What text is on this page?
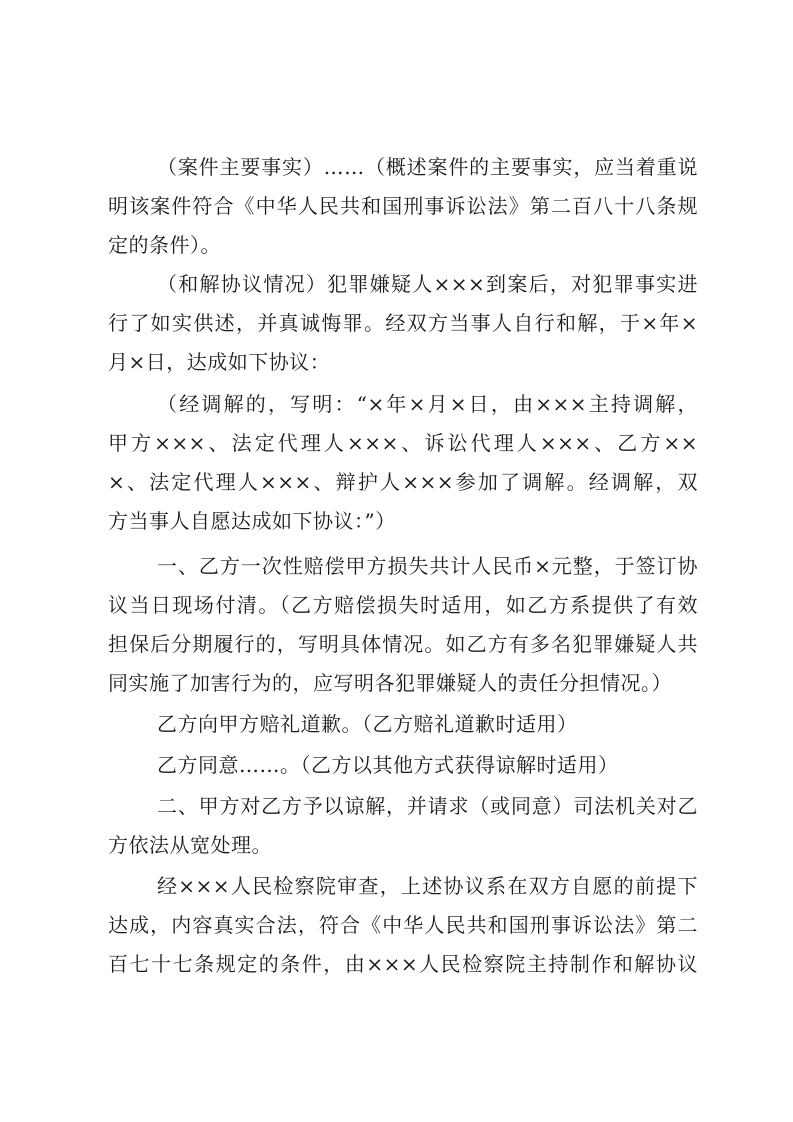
（案件主要事实）……（概述案件的主要事实，应当着重说
明该案件符合《中华人民共和国刑事诉讼法》第二百八十八条规
定的条件）。
（和解协议情况）犯罪嫌疑人×××到案后，对犯罪事实进
行了如实供述，并真诚悔罪。经双方当事人自行和解，于×年×
月×日，达成如下协议：
（经调解的，写明：“×年×月×日，由×××主持调解，
甲方×××、法定代理人×××、诉讼代理人×××、乙方××
×、法定代理人×××、辩护人×××参加了调解。经调解，双
方当事人自愿达成如下协议：”）
一、乙方一次性赔偿甲方损失共计人民币×元整，于签订协
议当日现场付清。（乙方赔偿损失时适用，如乙方系提供了有效
担保后分期履行的，写明具体情况。如乙方有多名犯罪嫌疑人共
同实施了加害行为的，应写明各犯罪嫌疑人的责任分担情况。）
乙方向甲方赔礼道歉。（乙方赔礼道歉时适用）
乙方同意……。（乙方以其他方式获得谅解时适用）
二、甲方对乙方予以谅解，并请求（或同意）司法机关对乙
方依法从宽处理。
经×××人民检察院审查，上述协议系在双方自愿的前提下
达成，内容真实合法，符合《中华人民共和国刑事诉讼法》第二
百七十七条规定的条件，由×××人民检察院主持制作和解协议
